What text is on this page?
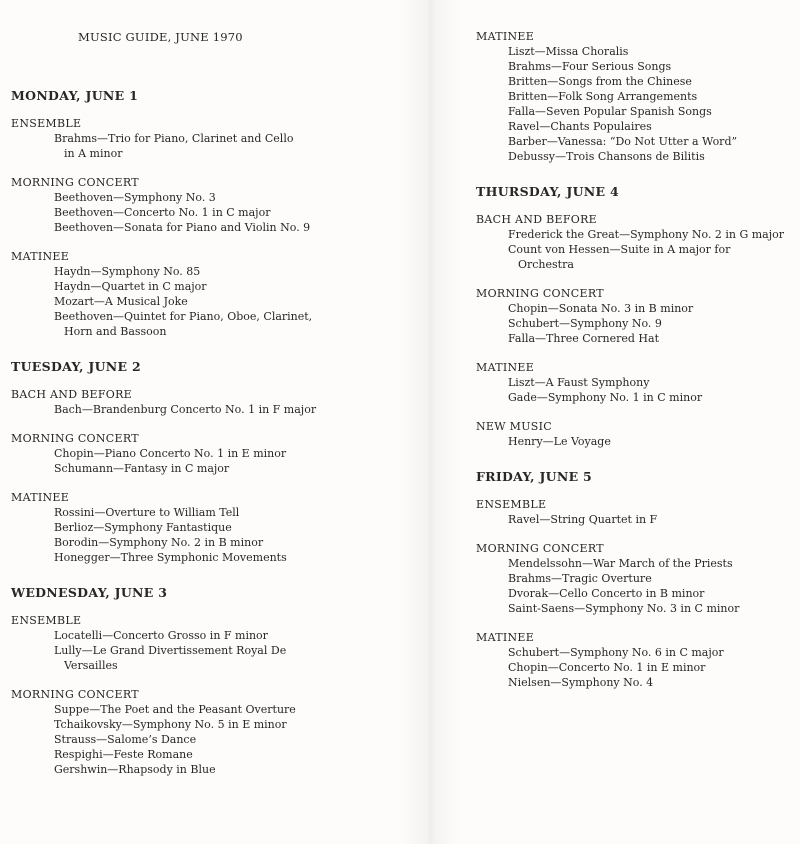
MUSIC GUIDE, JUNE 1970
MONDAY, JUNE 1
ENSEMBLE
Brahms—Trio for Piano, Clarinet and Cello
in A minor
MORNING CONCERT
Beethoven—Symphony No. 3
Beethoven—Concerto No. 1 in C major
Beethoven—Sonata for Piano and Violin No. 9
MATINEE
Haydn—Symphony No. 85
Haydn—Quartet in C major
Mozart—A Musical Joke
Beethoven—Quintet for Piano, Oboe, Clarinet,
Horn and Bassoon
TUESDAY, JUNE 2
BACH AND BEFORE
Bach—Brandenburg Concerto No. 1 in F major
MORNING CONCERT
Chopin—Piano Concerto No. 1 in E minor
Schumann—Fantasy in C major
MATINEE
Rossini—Overture to William Tell
Berlioz—Symphony Fantastique
Borodin—Symphony No. 2 in B minor
Honegger—Three Symphonic Movements
WEDNESDAY, JUNE 3
ENSEMBLE
Locatelli—Concerto Grosso in F minor
Lully—Le Grand Divertissement Royal De
Versailles
MORNING CONCERT
Suppe—The Poet and the Peasant Overture
Tchaikovsky—Symphony No. 5 in E minor
Strauss—Salome’s Dance
Respighi—Feste Romane
Gershwin—Rhapsody in Blue
MATINEE
Liszt—Missa Choralis
Brahms—Four Serious Songs
Britten—Songs from the Chinese
Britten—Folk Song Arrangements
Falla—Seven Popular Spanish Songs
Ravel—Chants Populaires
Barber—Vanessa: “Do Not Utter a Word”
Debussy—Trois Chansons de Bilitis
THURSDAY, JUNE 4
BACH AND BEFORE
Frederick the Great—Symphony No. 2 in G major
Count von Hessen—Suite in A major for
Orchestra
MORNING CONCERT
Chopin—Sonata No. 3 in B minor
Schubert—Symphony No. 9
Falla—Three Cornered Hat
MATINEE
Liszt—A Faust Symphony
Gade—Symphony No. 1 in C minor
NEW MUSIC
Henry—Le Voyage
FRIDAY, JUNE 5
ENSEMBLE
Ravel—String Quartet in F
MORNING CONCERT
Mendelssohn—War March of the Priests
Brahms—Tragic Overture
Dvorak—Cello Concerto in B minor
Saint-Saens—Symphony No. 3 in C minor
MATINEE
Schubert—Symphony No. 6 in C major
Chopin—Concerto No. 1 in E minor
Nielsen—Symphony No. 4
